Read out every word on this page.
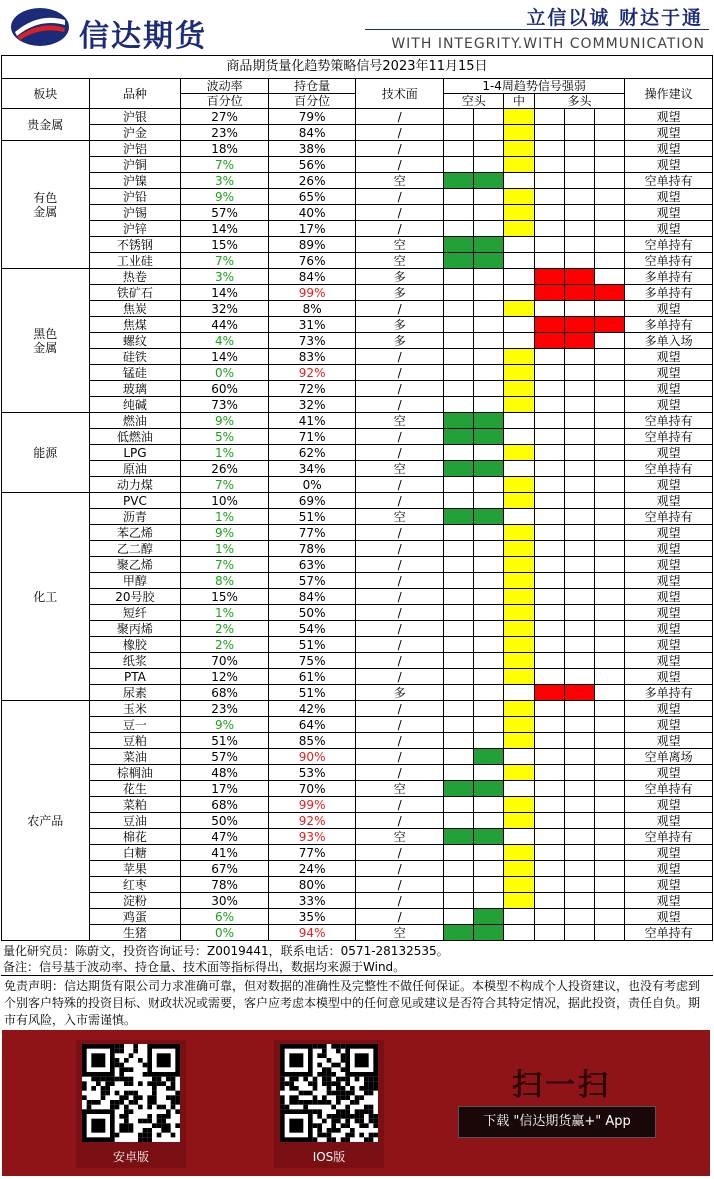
信达期货
立信以诚 财达于通
WITH INTEGRITY.WITH COMMUNICATION
商品期货量化趋势策略信号2023年11月15日											
板块	品种	波动率	持仓量	技术面	1-4周趋势信号强弱						操作建议
		百分位	百分位		空头		中	多头			
贵金属	沪银	27%	79%	/							观望
	沪金	23%	84%	/							观望
有色
金属	沪铝	18%	38%	/							观望
	沪铜	7%	56%	/							观望
	沪镍	3%	26%	空							空单持有
	沪铅	9%	65%	/							观望
	沪锡	57%	40%	/							观望
	沪锌	14%	17%	/							观望
	不锈钢	15%	89%	空							空单持有
	工业硅	7%	76%	空							空单持有
黑色
金属	热卷	3%	84%	多							多单持有
	铁矿石	14%	99%	多							多单持有
	焦炭	32%	8%	/							观望
	焦煤	44%	31%	多							多单持有
	螺纹	4%	73%	多							多单入场
	硅铁	14%	83%	/							观望
	锰硅	0%	92%	/							观望
	玻璃	60%	72%	/							观望
	纯碱	73%	32%	/							观望
能源	燃油	9%	41%	空							空单持有
	低燃油	5%	71%	/							空单持有
	LPG	1%	62%	/							观望
	原油	26%	34%	空							空单持有
	动力煤	7%	0%	/							观望
化工	PVC	10%	69%	/							观望
	沥青	1%	51%	空							空单持有
	苯乙烯	9%	77%	/							观望
	乙二醇	1%	78%	/							观望
	聚乙烯	7%	63%	/							观望
	甲醇	8%	57%	/							观望
	20号胶	15%	84%	/							观望
	短纤	1%	50%	/							观望
	聚丙烯	2%	54%	/							观望
	橡胶	2%	51%	/							观望
	纸浆	70%	75%	/							观望
	PTA	12%	61%	/							观望
	尿素	68%	51%	多							多单持有
农产品	玉米	23%	42%	/							观望
	豆一	9%	64%	/							观望
	豆粕	51%	85%	/							观望
	菜油	57%	90%	/							空单离场
	棕榈油	48%	53%	/							观望
	花生	17%	70%	空							空单持有
	菜粕	68%	99%	/							观望
	豆油	50%	92%	/							观望
	棉花	47%	93%	空							空单持有
	白糖	41%	77%	/							观望
	苹果	67%	24%	/							观望
	红枣	78%	80%	/							观望
	淀粉	30%	33%	/							观望
	鸡蛋	6%	35%	/							观望
	生猪	0%	94%	空							空单持有
量化研究员：陈蔚文，投资咨询证号：Z0019441，联系电话：0571-28132535。
备注：信号基于波动率、持仓量、技术面等指标得出，数据均来源于Wind。
免责声明：信达期货有限公司力求准确可靠，但对数据的准确性及完整性不做任何保证。本模型不构成个人投资建议，也没有考虑到个别客户特殊的投资目标、财政状况或需要，客户应考虑本模型中的任何意见或建议是否符合其特定情况，据此投资，责任自负。期市有风险，入市需谨慎。
安卓版	IOS版
扫一扫
下载 "信达期货赢+" App
